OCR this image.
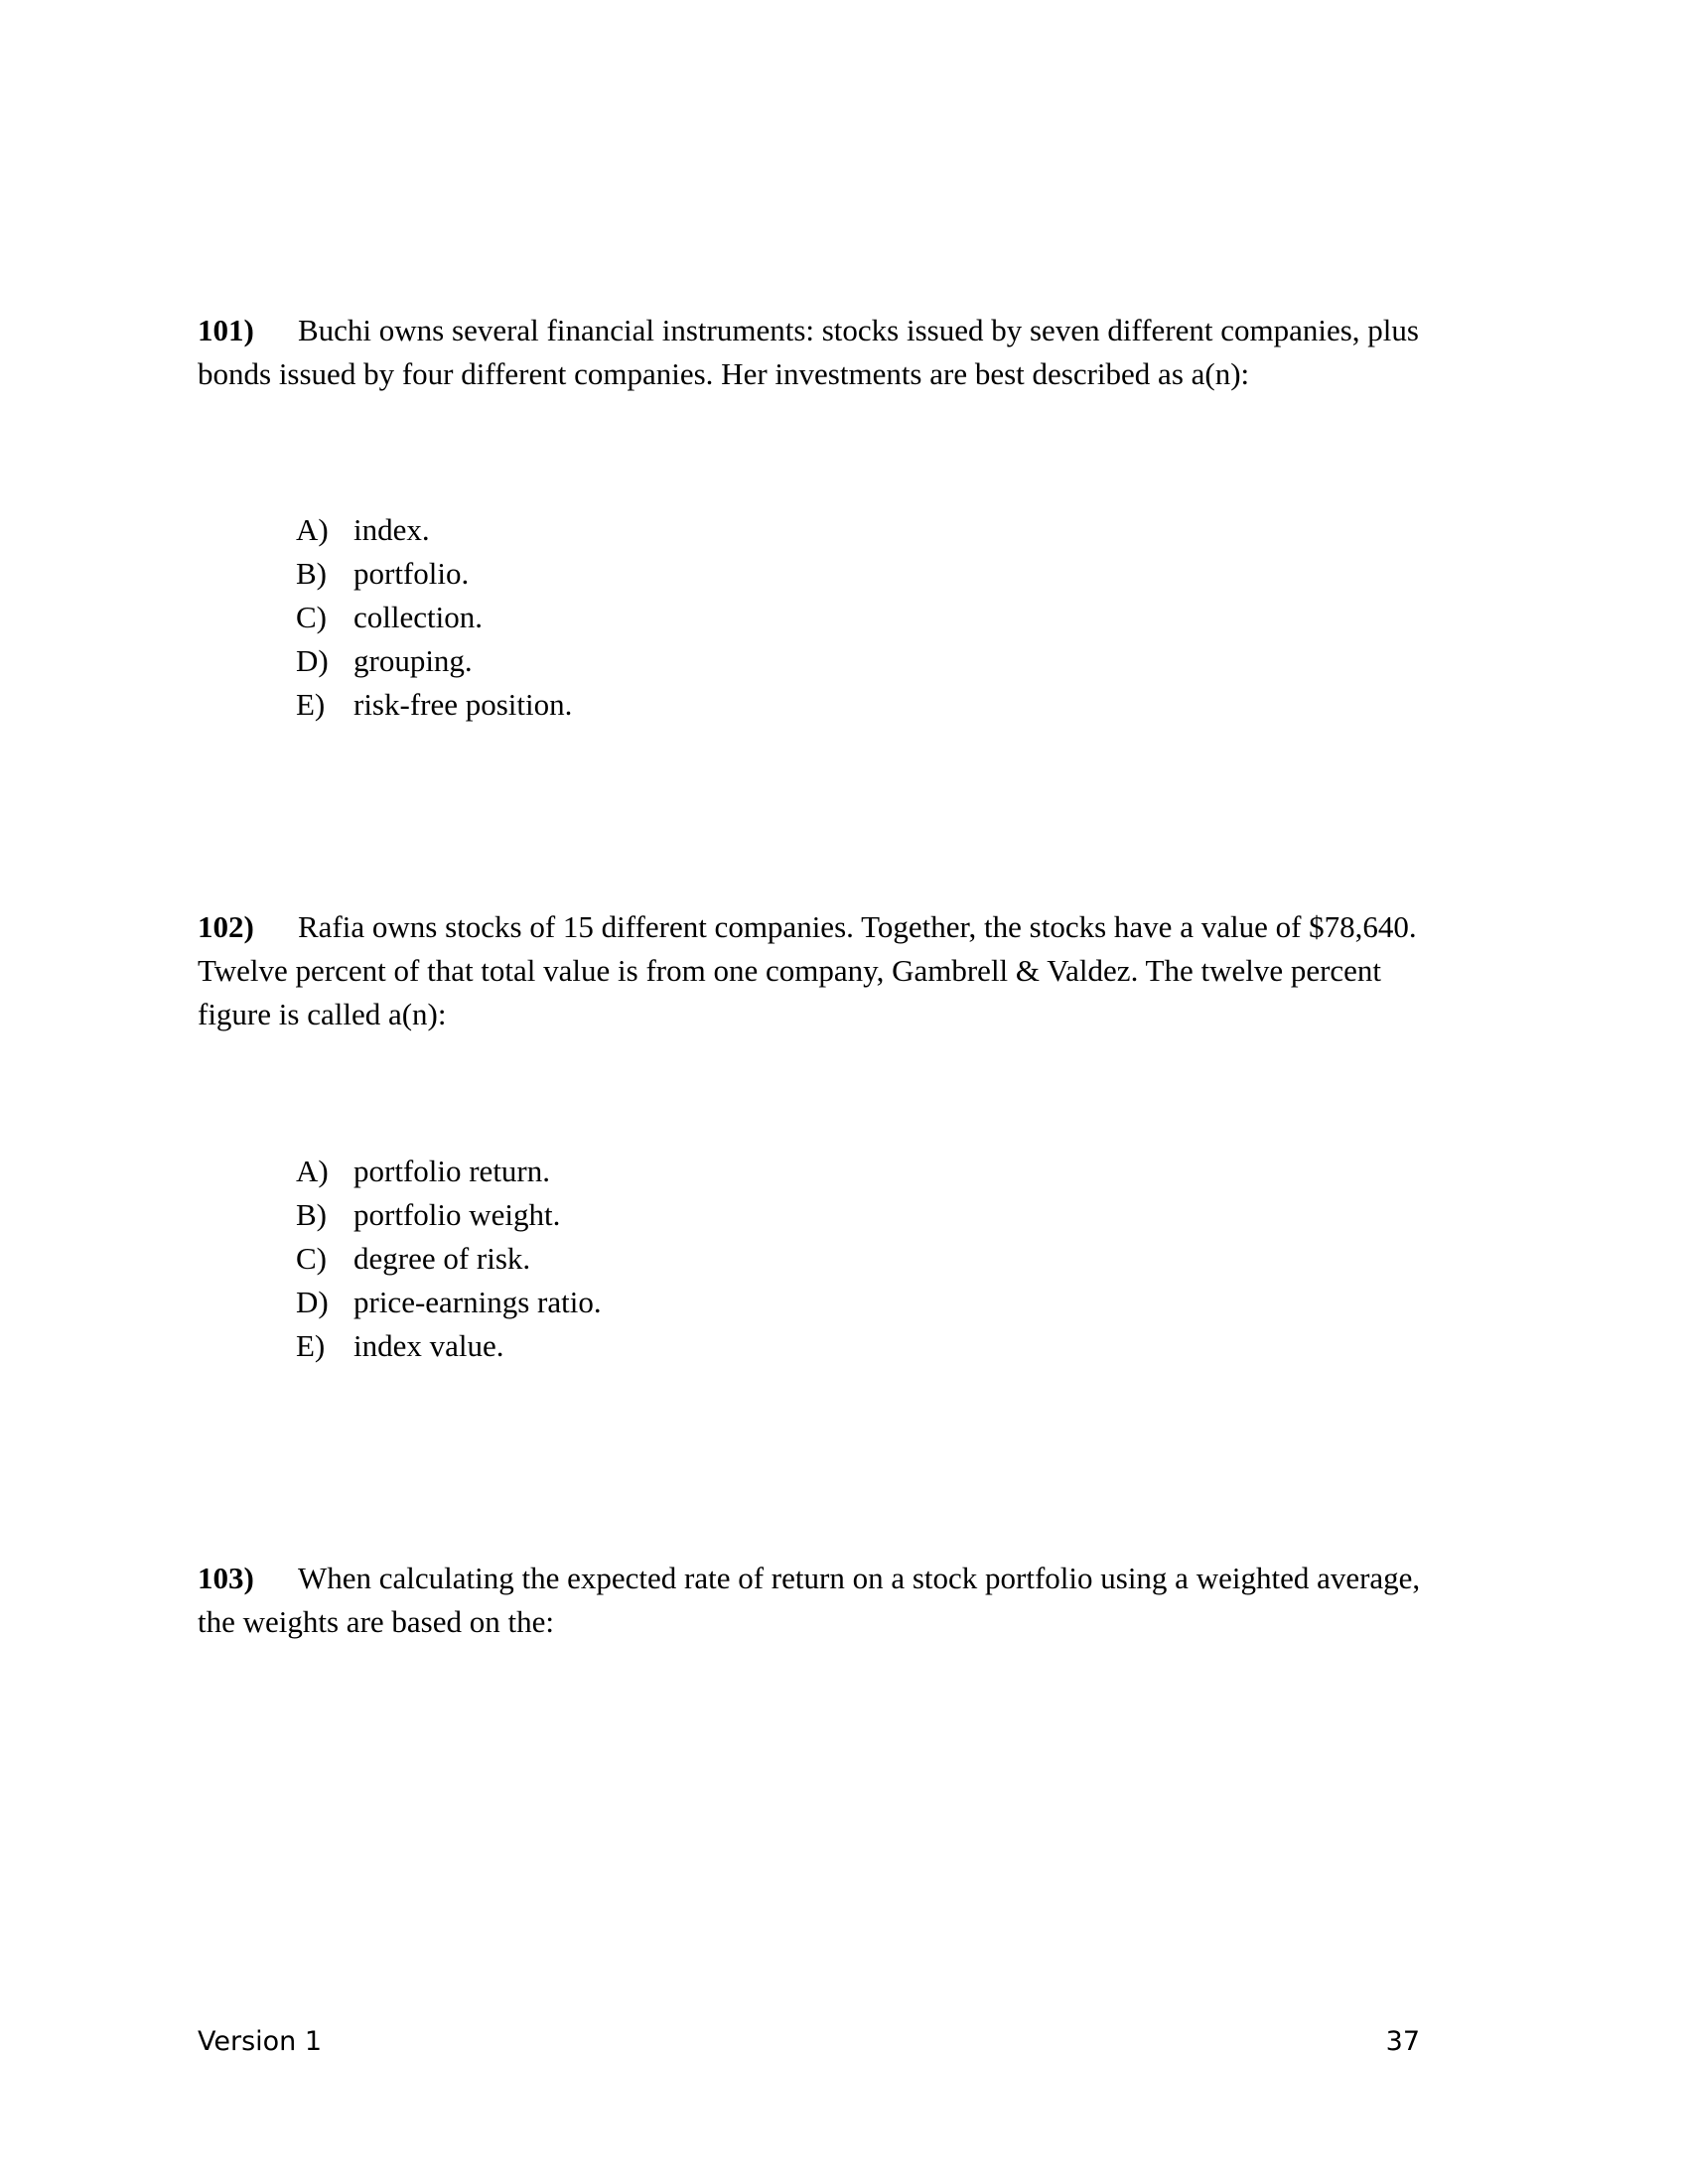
101) Buchi owns several financial instruments: stocks issued by seven different companies, plus bonds issued by four different companies. Her investments are best described as a(n):

A) index.
B) portfolio.
C) collection.
D) grouping.
E) risk-free position.

102) Rafia owns stocks of 15 different companies. Together, the stocks have a value of $78,640. Twelve percent of that total value is from one company, Gambrell & Valdez. The twelve percent figure is called a(n):

A) portfolio return.
B) portfolio weight.
C) degree of risk.
D) price-earnings ratio.
E) index value.

103) When calculating the expected rate of return on a stock portfolio using a weighted average, the weights are based on the:

Version 1	37
